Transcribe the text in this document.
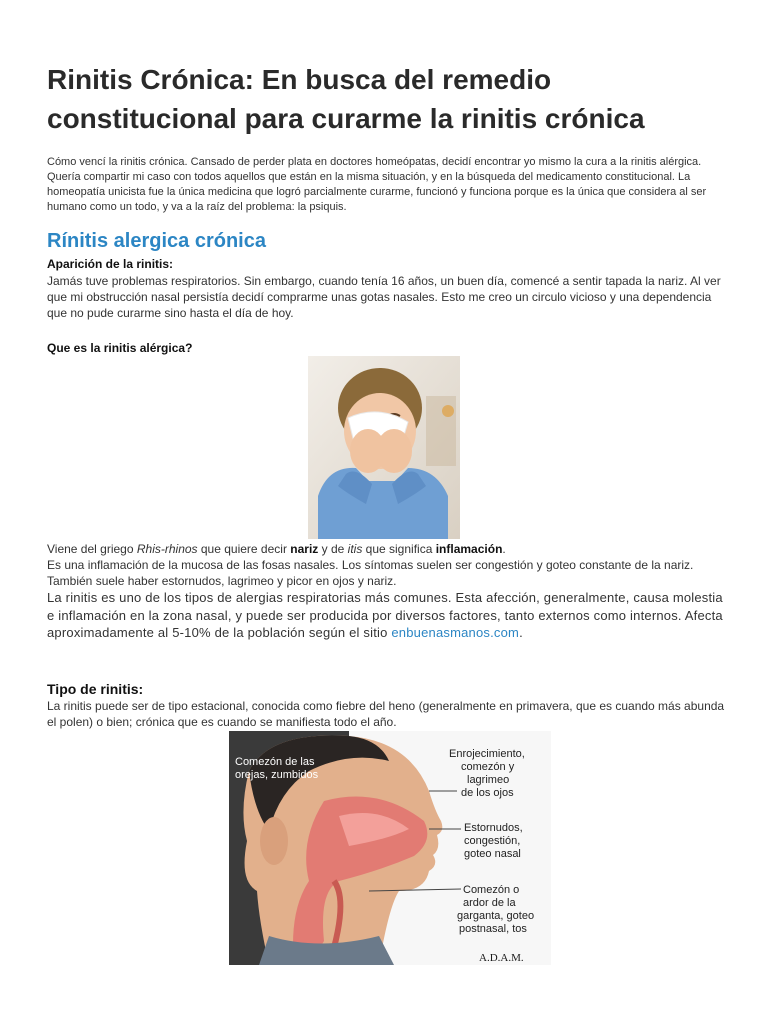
Rinitis Crónica: En busca del remedio constitucional para curarme la rinitis crónica

Cómo vencí la rinitis crónica. Cansado de perder plata en doctores homeópatas, decidí encontrar yo mismo la cura a la rinitis alérgica. Quería compartir mi caso con todos aquellos que están en la misma situación, y en la búsqueda del medicamento constitucional. La homeopatía unicista fue la única medicina que logró parcialmente curarme, funcionó y funciona porque es la única que considera al ser humano como un todo, y va a la raíz del problema: la psiquis.

Rínitis alergica crónica

Aparición de la rinitis:

Jamás tuve problemas respiratorios. Sin embargo, cuando tenía 16 años, un buen día, comencé a sentir tapada la nariz. Al ver que mi obstrucción nasal persistía decidí comprarme unas gotas nasales. Esto me creo un circulo vicioso y una dependencia que no pude curarme sino hasta el día de hoy.

Que es la rinitis alérgica?

Viene del griego Rhis-rhinos que quiere decir nariz y de itis que significa inflamación.

Es una inflamación de la mucosa de las fosas nasales. Los síntomas suelen ser congestión y goteo constante de la nariz. También suele haber estornudos, lagrimeo y picor en ojos y nariz.

La rinitis es uno de los tipos de alergias respiratorias más comunes. Esta afección, generalmente, causa molestia e inflamación en la zona nasal, y puede ser producida por diversos factores, tanto externos como internos. Afecta aproximadamente al 5-10% de la población según el sitio enbuenasmanos.com.

Tipo de rinitis:

La rinitis puede ser de tipo estacional, conocida como fiebre del heno (generalmente en primavera, que es cuando más abunda el polen) o bien; crónica que es cuando se manifiesta todo el año.

Comezón de las
orejas, zumbidos
Enrojecimiento,
comezón y
lagrimeo
de los ojos
Estornudos,
congestión,
goteo nasal
Comezón o
ardor de la
garganta, goteo
postnasal, tos
A.D.A.M.
